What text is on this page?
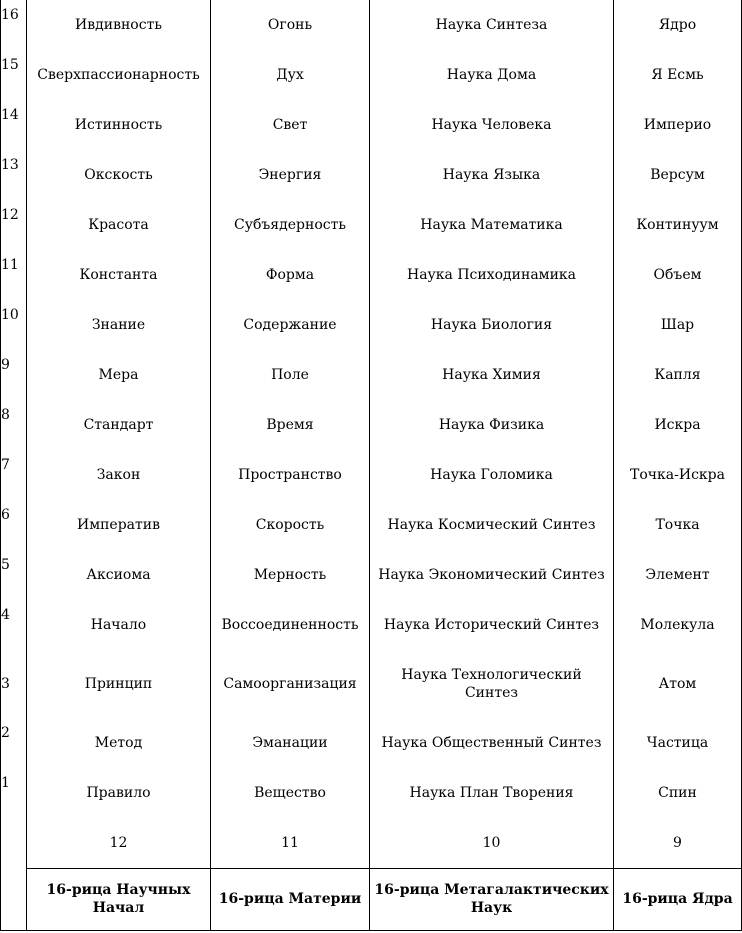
16	Ивдивность	Огонь	Наука Синтеза	Ядро
15	Сверхпассионарность	Дух	Наука Дома	Я Есмь
14	Истинность	Свет	Наука Человека	Империо
13	Окскость	Энергия	Наука Языка	Версум
12	Красота	Субъядерность	Наука Математика	Континуум
11	Константа	Форма	Наука Психодинамика	Объем
10	Знание	Содержание	Наука Биология	Шар
9	Мера	Поле	Наука Химия	Капля
8	Стандарт	Время	Наука Физика	Искра
7	Закон	Пространство	Наука Голомика	Точка-Искра
6	Императив	Скорость	Наука Космический Синтез	Точка
5	Аксиома	Мерность	Наука Экономический Синтез	Элемент
4	Начало	Воссоединенность	Наука Исторический Синтез	Молекула
3	Принцип	Самоорганизация	Наука Технологический Синтез	Атом
2	Метод	Эманации	Наука Общественный Синтез	Частица
1	Правило	Вещество	Наука План Творения	Спин
	12	11	10	9
	16-рица Научных Начал	16-рица Материи	16-рица Метагалактических Наук	16-рица Ядра
